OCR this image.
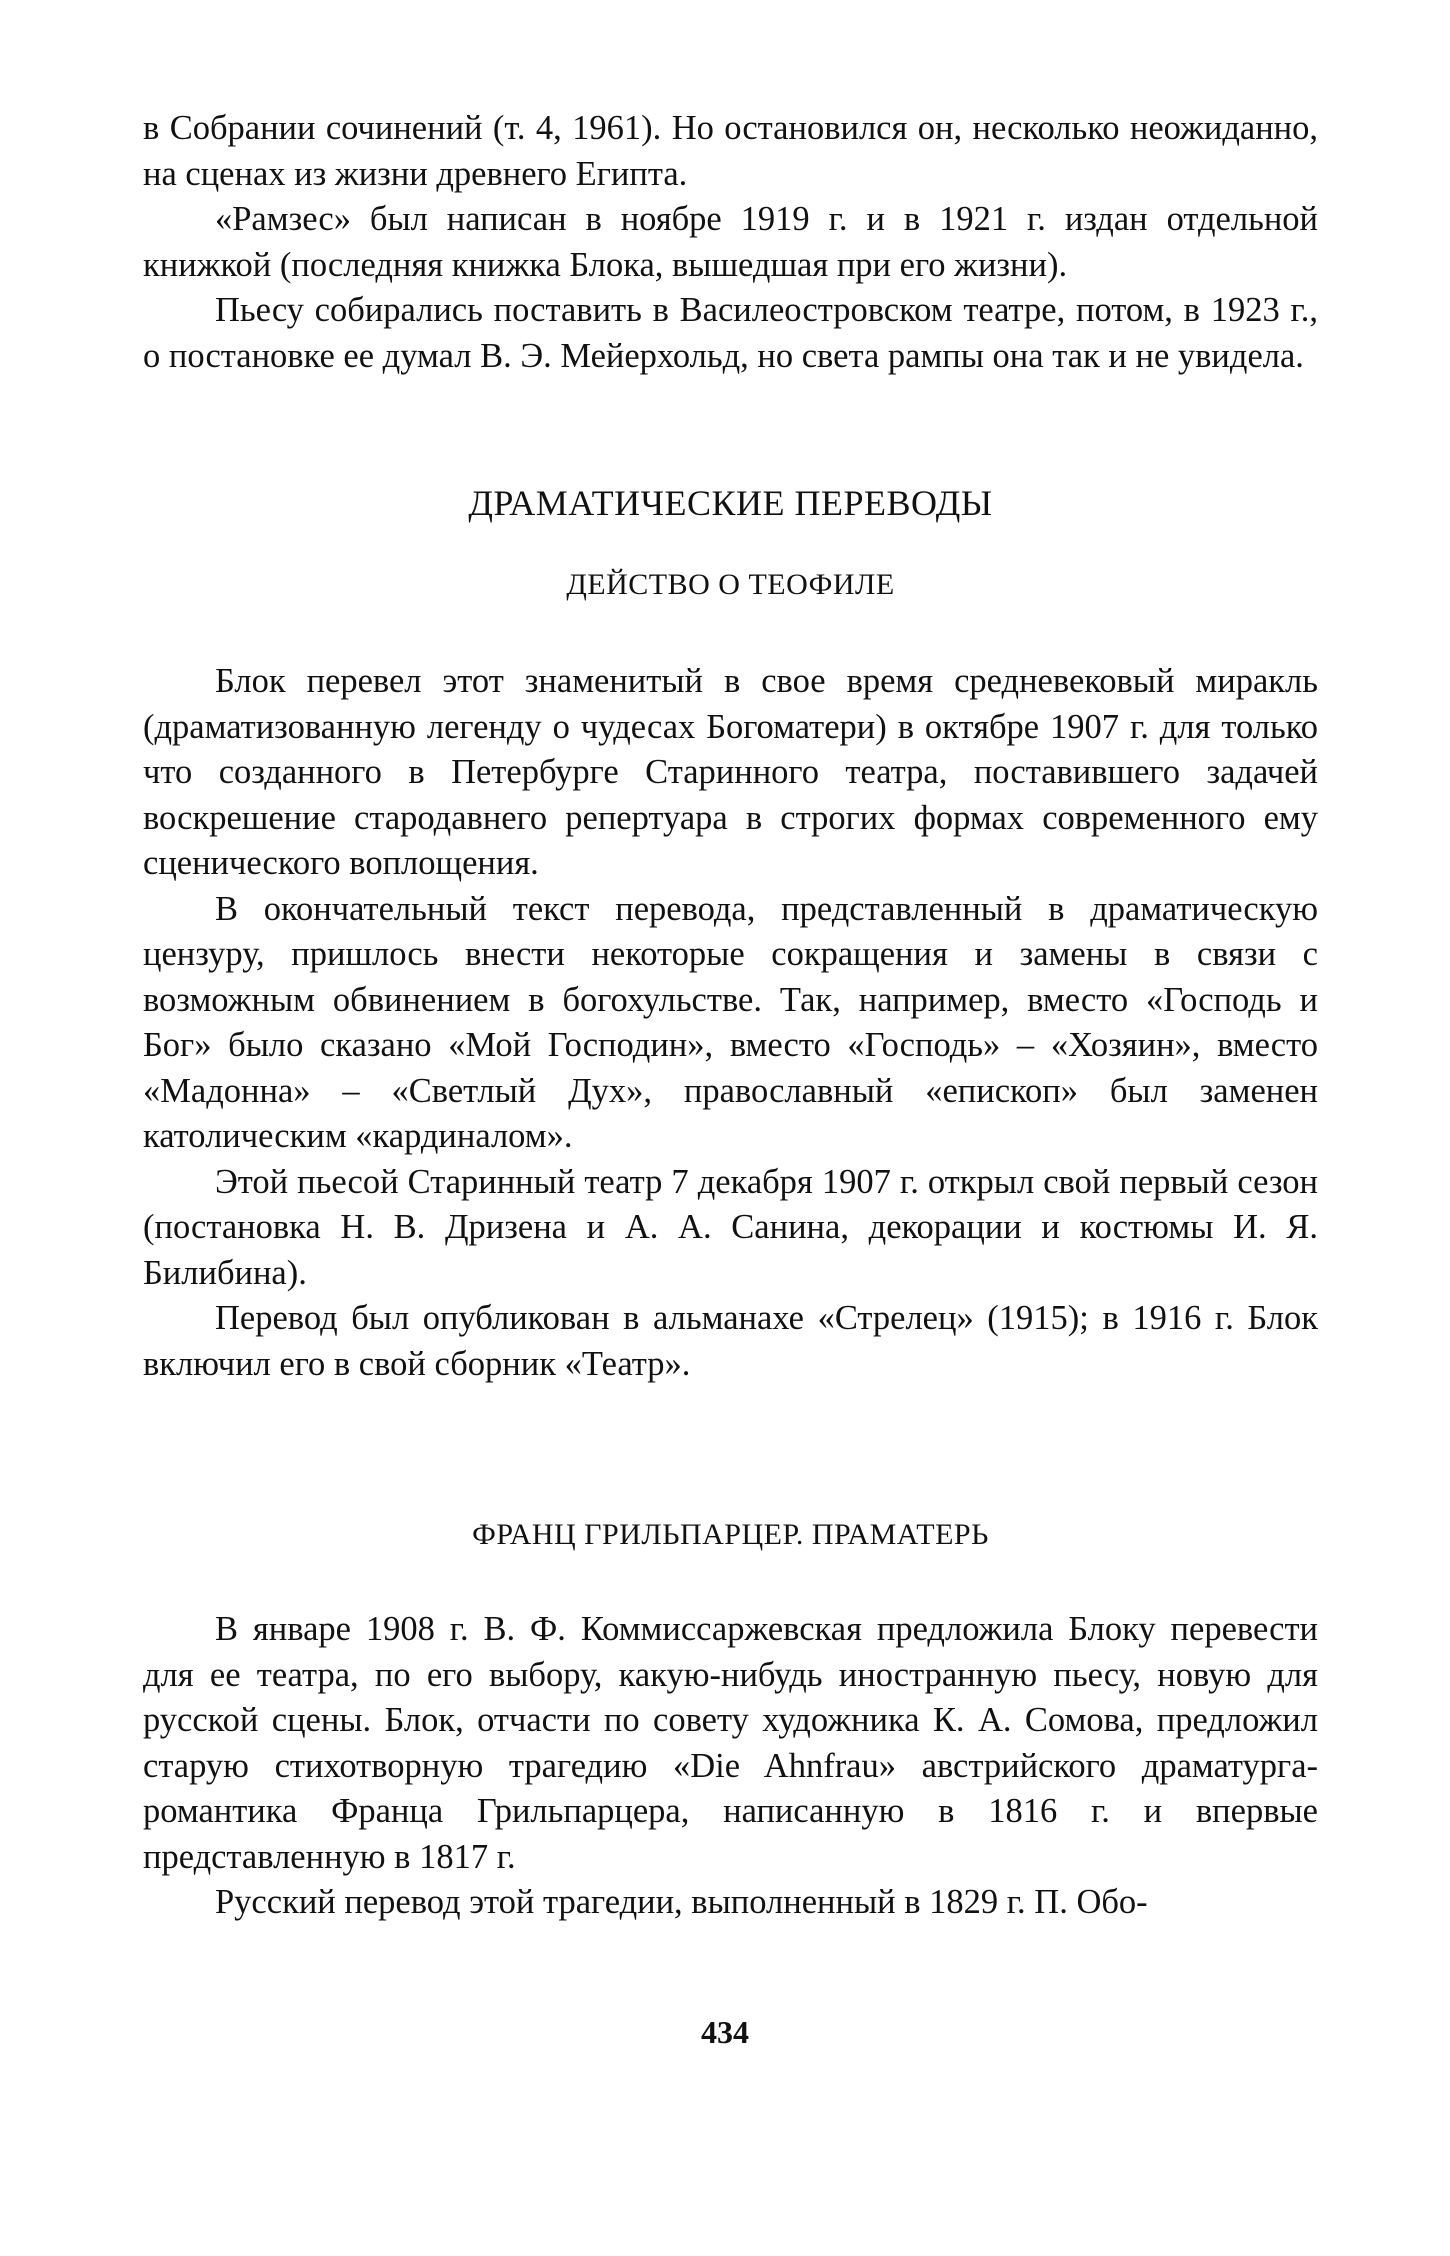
в Собрании сочинений (т. 4, 1961). Но остановился он, несколько неожиданно, на сценах из жизни древнего Египта.

«Рамзес» был написан в ноябре 1919 г. и в 1921 г. издан отдельной книжкой (последняя книжка Блока, вышедшая при его жизни).

Пьесу собирались поставить в Василеостровском театре, потом, в 1923 г., о постановке ее думал В. Э. Мейерхольд, но света рампы она так и не увидела.

ДРАМАТИЧЕСКИЕ ПЕРЕВОДЫ
ДЕЙСТВО О ТЕОФИЛЕ

Блок перевел этот знаменитый в свое время средневековый миракль (драматизованную легенду о чудесах Богоматери) в октябре 1907 г. для только что созданного в Петербурге Старинного театра, поставившего задачей воскрешение стародавнего репертуара в строгих формах современного ему сценического воплощения.

В окончательный текст перевода, представленный в драматическую цензуру, пришлось внести некоторые сокращения и замены в связи с возможным обвинением в богохульстве. Так, например, вместо «Господь и Бог» было сказано «Мой Господин», вместо «Господь» – «Хозяин», вместо «Мадонна» – «Светлый Дух», православный «епископ» был заменен католическим «кардиналом».

Этой пьесой Старинный театр 7 декабря 1907 г. открыл свой первый сезон (постановка Н. В. Дризена и А. А. Санина, декорации и костюмы И. Я. Билибина).

Перевод был опубликован в альманахе «Стрелец» (1915); в 1916 г. Блок включил его в свой сборник «Театр».

ФРАНЦ ГРИЛЬПАРЦЕР. ПРАМАТЕРЬ

В январе 1908 г. В. Ф. Коммиссаржевская предложила Блоку перевести для ее театра, по его выбору, какую-нибудь иностранную пьесу, новую для русской сцены. Блок, отчасти по совету художника К. А. Сомова, предложил старую стихотворную трагедию «Die Ahnfrau» австрийского драматурга-романтика Франца Грильпарцера, написанную в 1816 г. и впервые представленную в 1817 г.

Русский перевод этой трагедии, выполненный в 1829 г. П. Обо-

434
